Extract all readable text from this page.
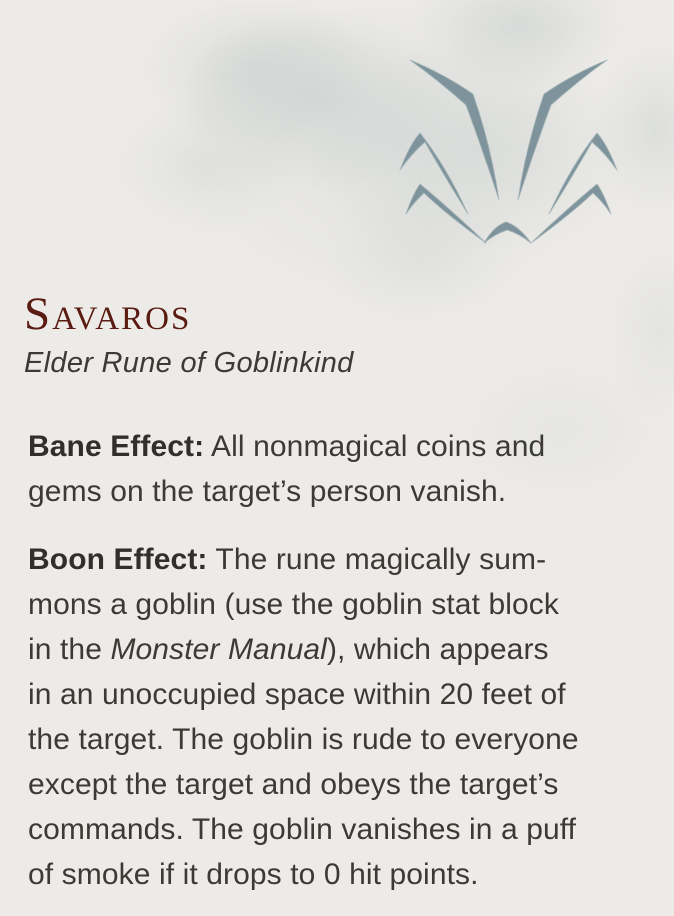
Savaros
Elder Rune of Goblinkind
Bane Effect: All nonmagical coins and
gems on the target’s person vanish.
Boon Effect: The rune magically sum-
mons a goblin (use the goblin stat block
in the Monster Manual), which appears
in an unoccupied space within 20 feet of
the target. The goblin is rude to everyone
except the target and obeys the target’s
commands. The goblin vanishes in a puff
of smoke if it drops to 0 hit points.
